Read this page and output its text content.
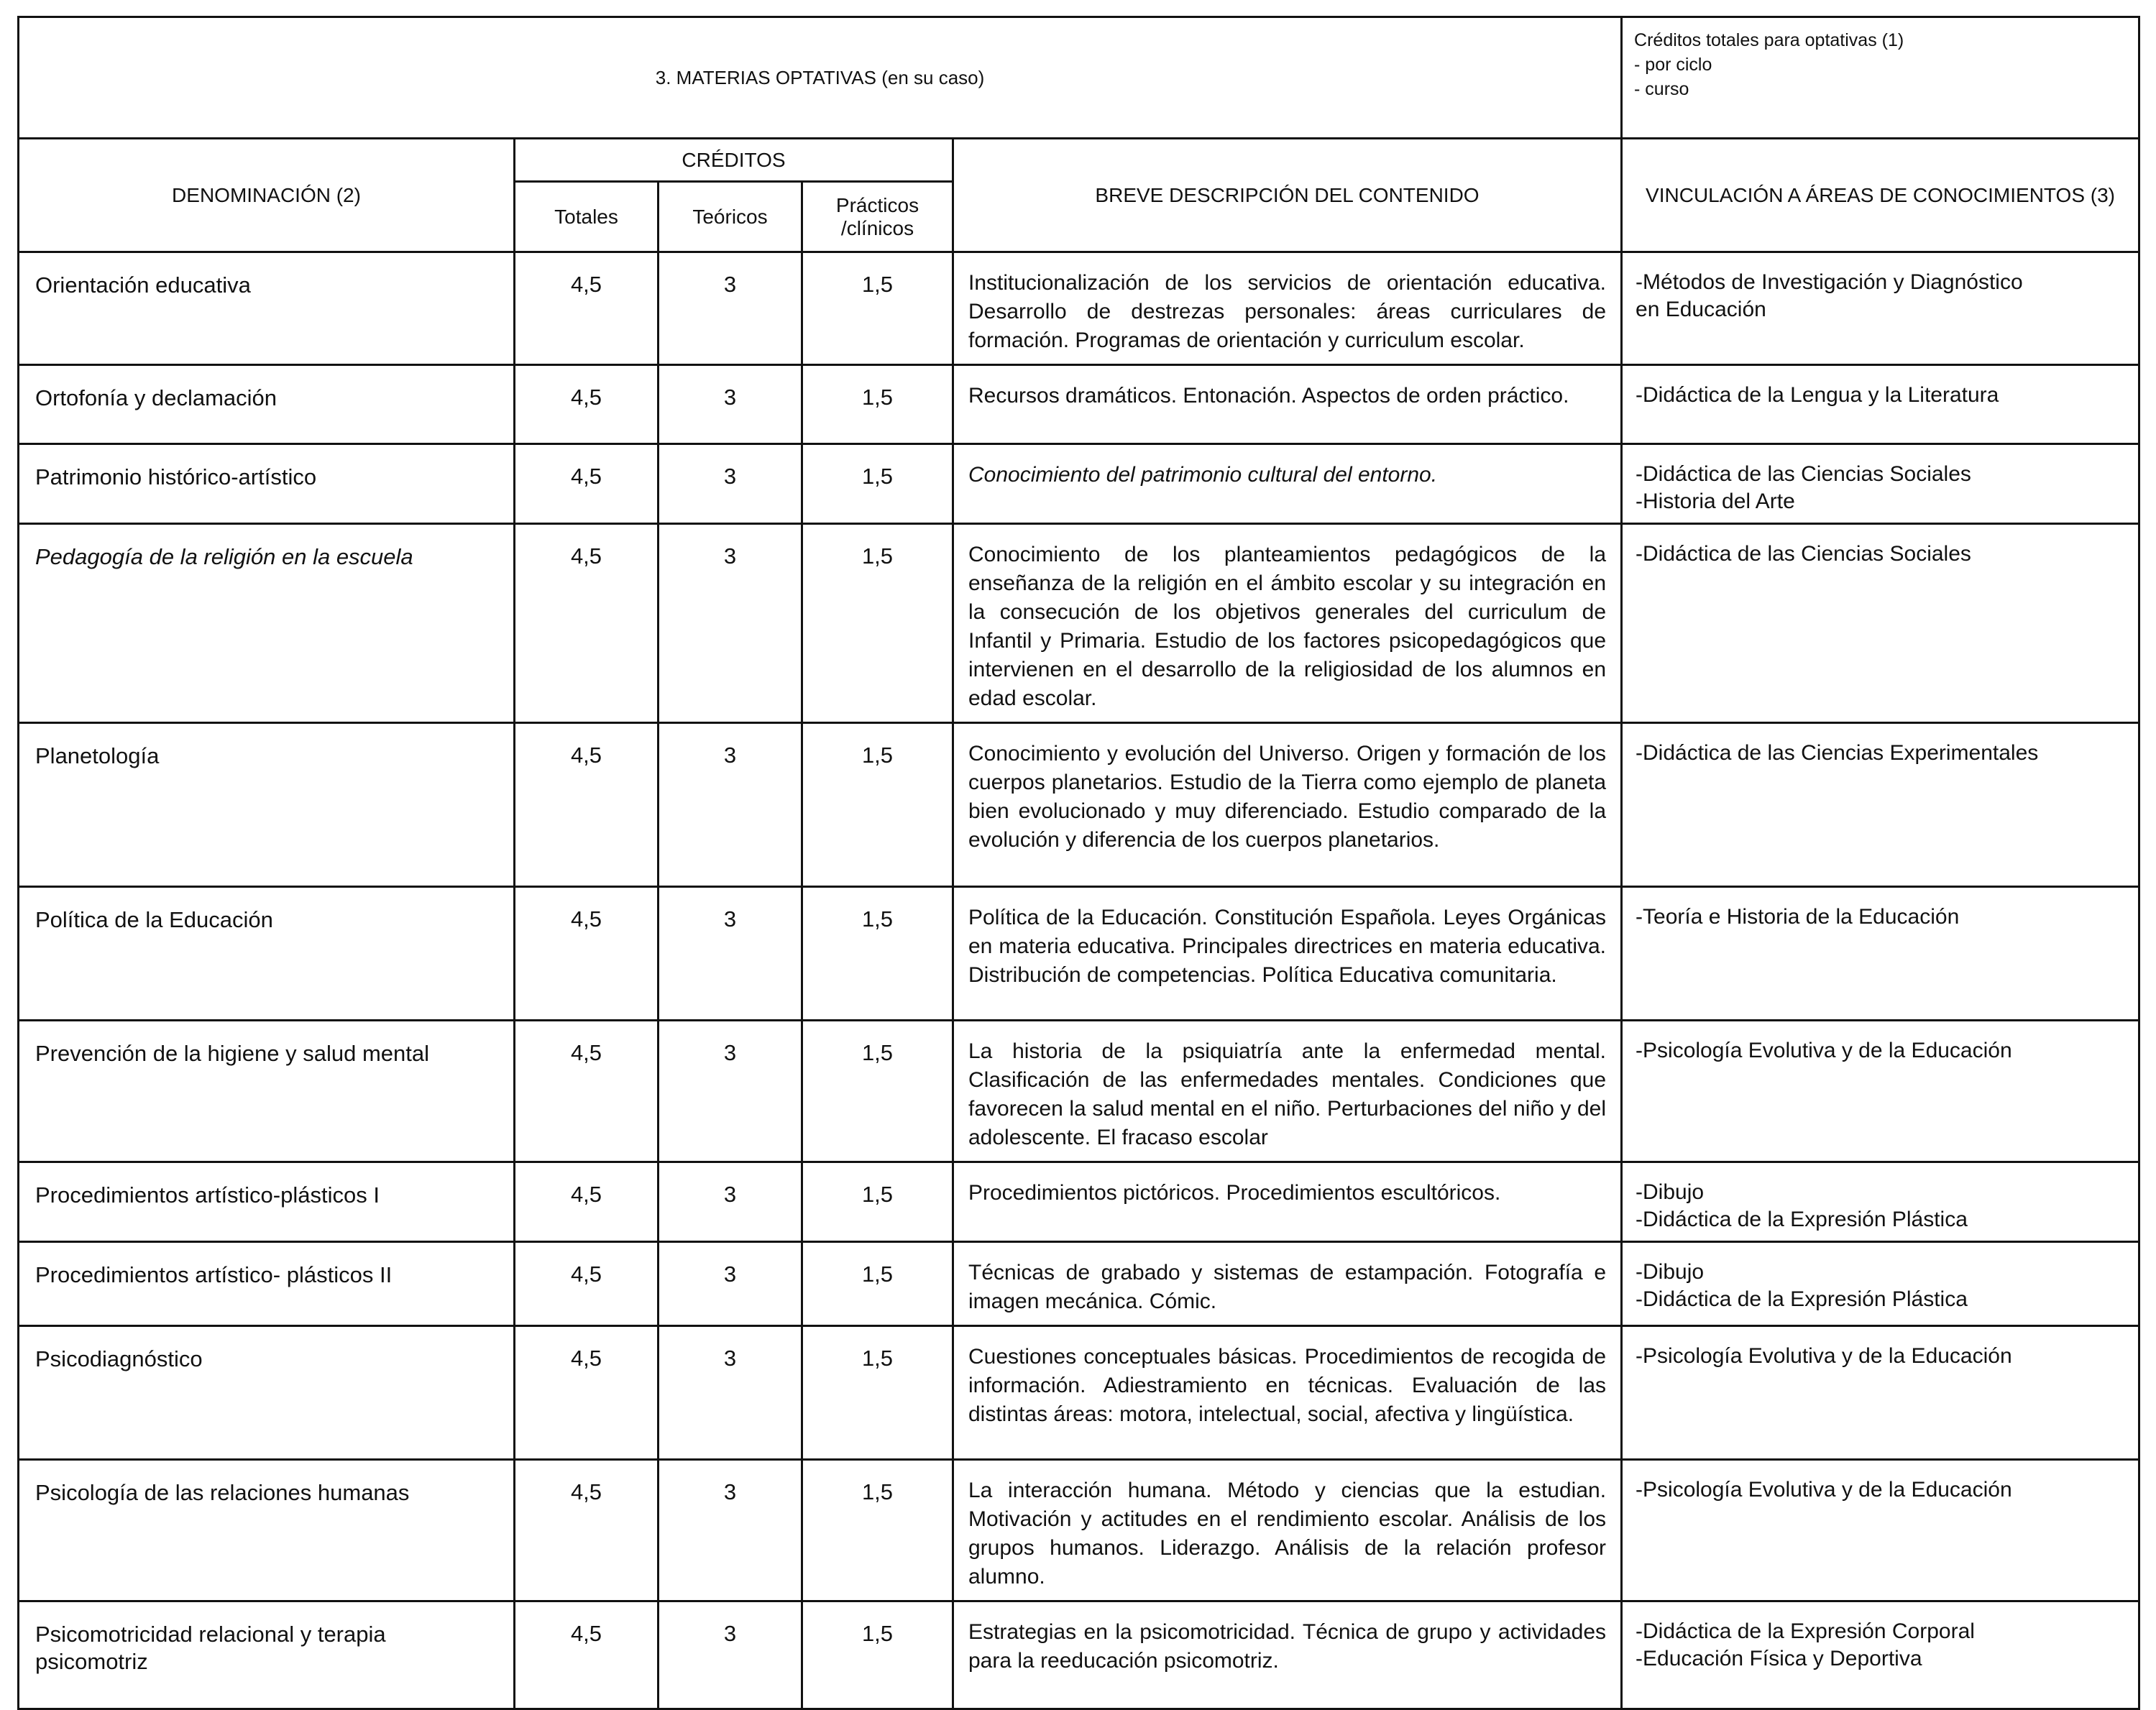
3. MATERIAS OPTATIVAS (en su caso)					Créditos totales para optativas (1)
- por ciclo
- curso

DENOMINACIÓN (2)	CRÉDITOS			BREVE DESCRIPCIÓN DEL CONTENIDO	VINCULACIÓN A ÁREAS DE CONOCIMIENTOS (3)
	Totales	Teóricos	Prácticos /clínicos		
Orientación educativa	4,5	3	1,5	Institucionalización de los servicios de orientación educativa. Desarrollo de destrezas personales: áreas curriculares de formación. Programas de orientación y curriculum escolar.	-Métodos de Investigación y Diagnóstico
en Educación
Ortofonía y declamación	4,5	3	1,5	Recursos dramáticos. Entonación. Aspectos de orden práctico.	-Didáctica de la Lengua y la Literatura
Patrimonio histórico-artístico	4,5	3	1,5	Conocimiento del patrimonio cultural del entorno.	-Didáctica de las Ciencias Sociales
-Historia del Arte
Pedagogía de la religión en la escuela	4,5	3	1,5	Conocimiento de los planteamientos pedagógicos de la enseñanza de la religión en el ámbito escolar y su integración en la consecución de los objetivos generales del curriculum de Infantil y Primaria. Estudio de los factores psicopedagógicos que intervienen en el desarrollo de la religiosidad de los alumnos en edad escolar.	-Didáctica de las Ciencias Sociales
Planetología	4,5	3	1,5	Conocimiento y evolución del Universo. Origen y formación de los cuerpos planetarios. Estudio de la Tierra como ejemplo de planeta bien evolucionado y muy diferenciado. Estudio comparado de la evolución y diferencia de los cuerpos planetarios.	-Didáctica de las Ciencias Experimentales
Política de la Educación	4,5	3	1,5	Política de la Educación. Constitución Española. Leyes Orgánicas en materia educativa. Principales directrices en materia educativa. Distribución de competencias. Política Educativa comunitaria.	-Teoría e Historia de la Educación
Prevención de la higiene y salud mental	4,5	3	1,5	La historia de la psiquiatría ante la enfermedad mental. Clasificación de las enfermedades mentales. Condiciones que favorecen la salud mental en el niño. Perturbaciones del niño y del adolescente. El fracaso escolar	-Psicología Evolutiva y de la Educación
Procedimientos artístico-plásticos I	4,5	3	1,5	Procedimientos pictóricos. Procedimientos escultóricos.	-Dibujo
-Didáctica de la Expresión Plástica
Procedimientos artístico- plásticos II	4,5	3	1,5	Técnicas de grabado y sistemas de estampación. Fotografía e imagen mecánica. Cómic.	-Dibujo
-Didáctica de la Expresión Plástica
Psicodiagnóstico	4,5	3	1,5	Cuestiones conceptuales básicas. Procedimientos de recogida de información. Adiestramiento en técnicas. Evaluación de las distintas áreas: motora, intelectual, social, afectiva y lingüística.	-Psicología Evolutiva y de la Educación
Psicología de las relaciones humanas	4,5	3	1,5	La interacción humana. Método y ciencias que la estudian. Motivación y actitudes en el rendimiento escolar. Análisis de los grupos humanos. Liderazgo. Análisis de la relación profesor alumno.	-Psicología Evolutiva y de la Educación
Psicomotricidad relacional y terapia psicomotriz	4,5	3	1,5	Estrategias en la psicomotricidad. Técnica de grupo y actividades para la reeducación psicomotriz.	-Didáctica de la Expresión Corporal
-Educación Física y Deportiva
